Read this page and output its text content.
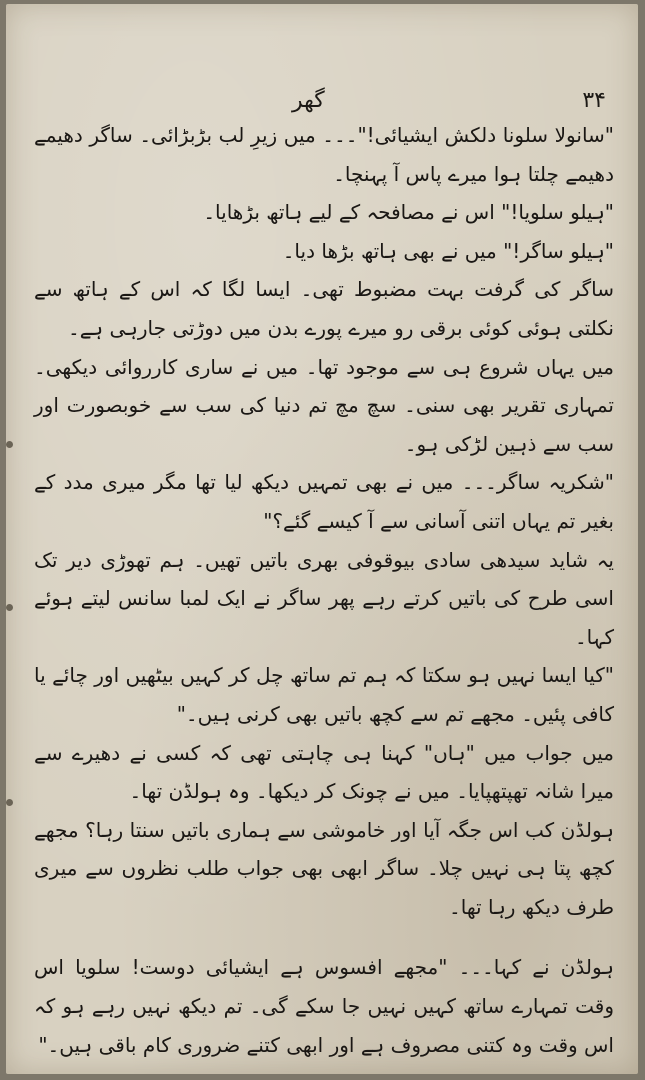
گھر	۳۴

"سانولا سلونا دلکش ایشیائی!"۔۔۔ میں زیرِ لب بڑبڑائی۔ ساگر دھیمے دھیمے چلتا ہوا میرے پاس آ پہنچا۔

"ہیلو سلویا!" اس نے مصافحہ کے لیے ہاتھ بڑھایا۔

"ہیلو ساگر!" میں نے بھی ہاتھ بڑھا دیا۔

ساگر کی گرفت بہت مضبوط تھی۔ ایسا لگا کہ اس کے ہاتھ سے نکلتی ہوئی کوئی برقی رو میرے پورے بدن میں دوڑتی جارہی ہے۔

میں یہاں شروع ہی سے موجود تھا۔ میں نے ساری کارروائی دیکھی۔ تمہاری تقریر بھی سنی۔ سچ مچ تم دنیا کی سب سے خوبصورت اور سب سے ذہین لڑکی ہو۔

"شکریہ ساگر۔۔۔ میں نے بھی تمہیں دیکھ لیا تھا مگر میری مدد کے بغیر تم یہاں اتنی آسانی سے آ کیسے گئے؟"

یہ شاید سیدھی سادی بیوقوفی بھری باتیں تھیں۔ ہم تھوڑی دیر تک اسی طرح کی باتیں کرتے رہے پھر ساگر نے ایک لمبا سانس لیتے ہوئے کہا۔

"کیا ایسا نہیں ہو سکتا کہ ہم تم ساتھ چل کر کہیں بیٹھیں اور چائے یا کافی پئیں۔ مجھے تم سے کچھ باتیں بھی کرنی ہیں۔"

میں جواب میں "ہاں" کہنا ہی چاہتی تھی کہ کسی نے دھیرے سے میرا شانہ تھپتھپایا۔ میں نے چونک کر دیکھا۔ وہ ہولڈن تھا۔

ہولڈن کب اس جگہ آیا اور خاموشی سے ہماری باتیں سنتا رہا؟ مجھے کچھ پتا ہی نہیں چلا۔ ساگر ابھی بھی جواب طلب نظروں سے میری طرف دیکھ رہا تھا۔

ہولڈن نے کہا۔۔۔ "مجھے افسوس ہے ایشیائی دوست! سلویا اس وقت تمہارے ساتھ کہیں نہیں جا سکے گی۔ تم دیکھ نہیں رہے ہو کہ اس وقت وہ کتنی مصروف ہے اور ابھی کتنے ضروری کام باقی ہیں۔"
